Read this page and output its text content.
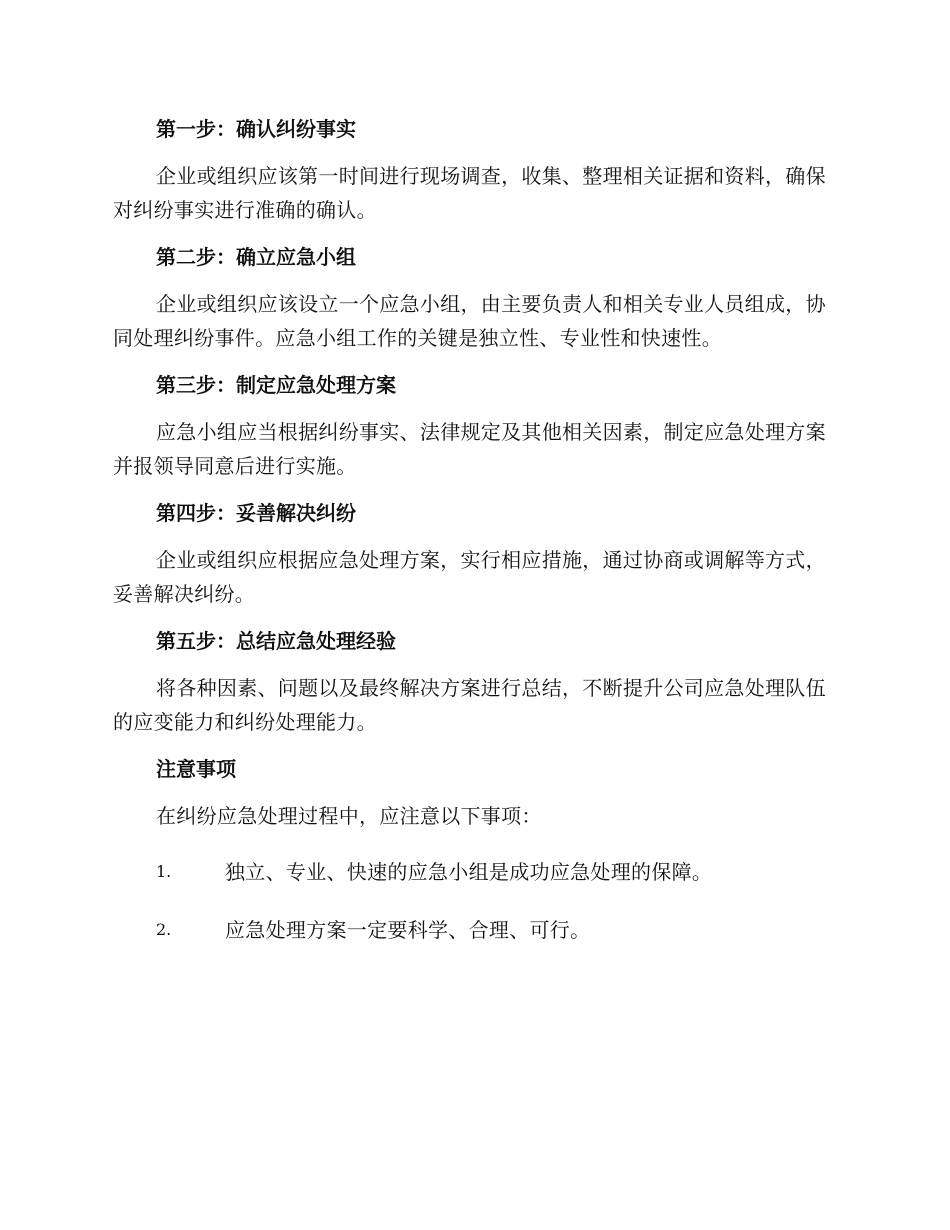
第一步：确认纠纷事实
企业或组织应该第一时间进行现场调查，收集、整理相关证据和资料，确保对纠纷事实进行准确的确认。
第二步：确立应急小组
企业或组织应该设立一个应急小组，由主要负责人和相关专业人员组成，协同处理纠纷事件。应急小组工作的关键是独立性、专业性和快速性。
第三步：制定应急处理方案
应急小组应当根据纠纷事实、法律规定及其他相关因素，制定应急处理方案并报领导同意后进行实施。
第四步：妥善解决纠纷
企业或组织应根据应急处理方案，实行相应措施，通过协商或调解等方式，妥善解决纠纷。
第五步：总结应急处理经验
将各种因素、问题以及最终解决方案进行总结，不断提升公司应急处理队伍的应变能力和纠纷处理能力。
注意事项
在纠纷应急处理过程中，应注意以下事项：
1.	独立、专业、快速的应急小组是成功应急处理的保障。
2.	应急处理方案一定要科学、合理、可行。
